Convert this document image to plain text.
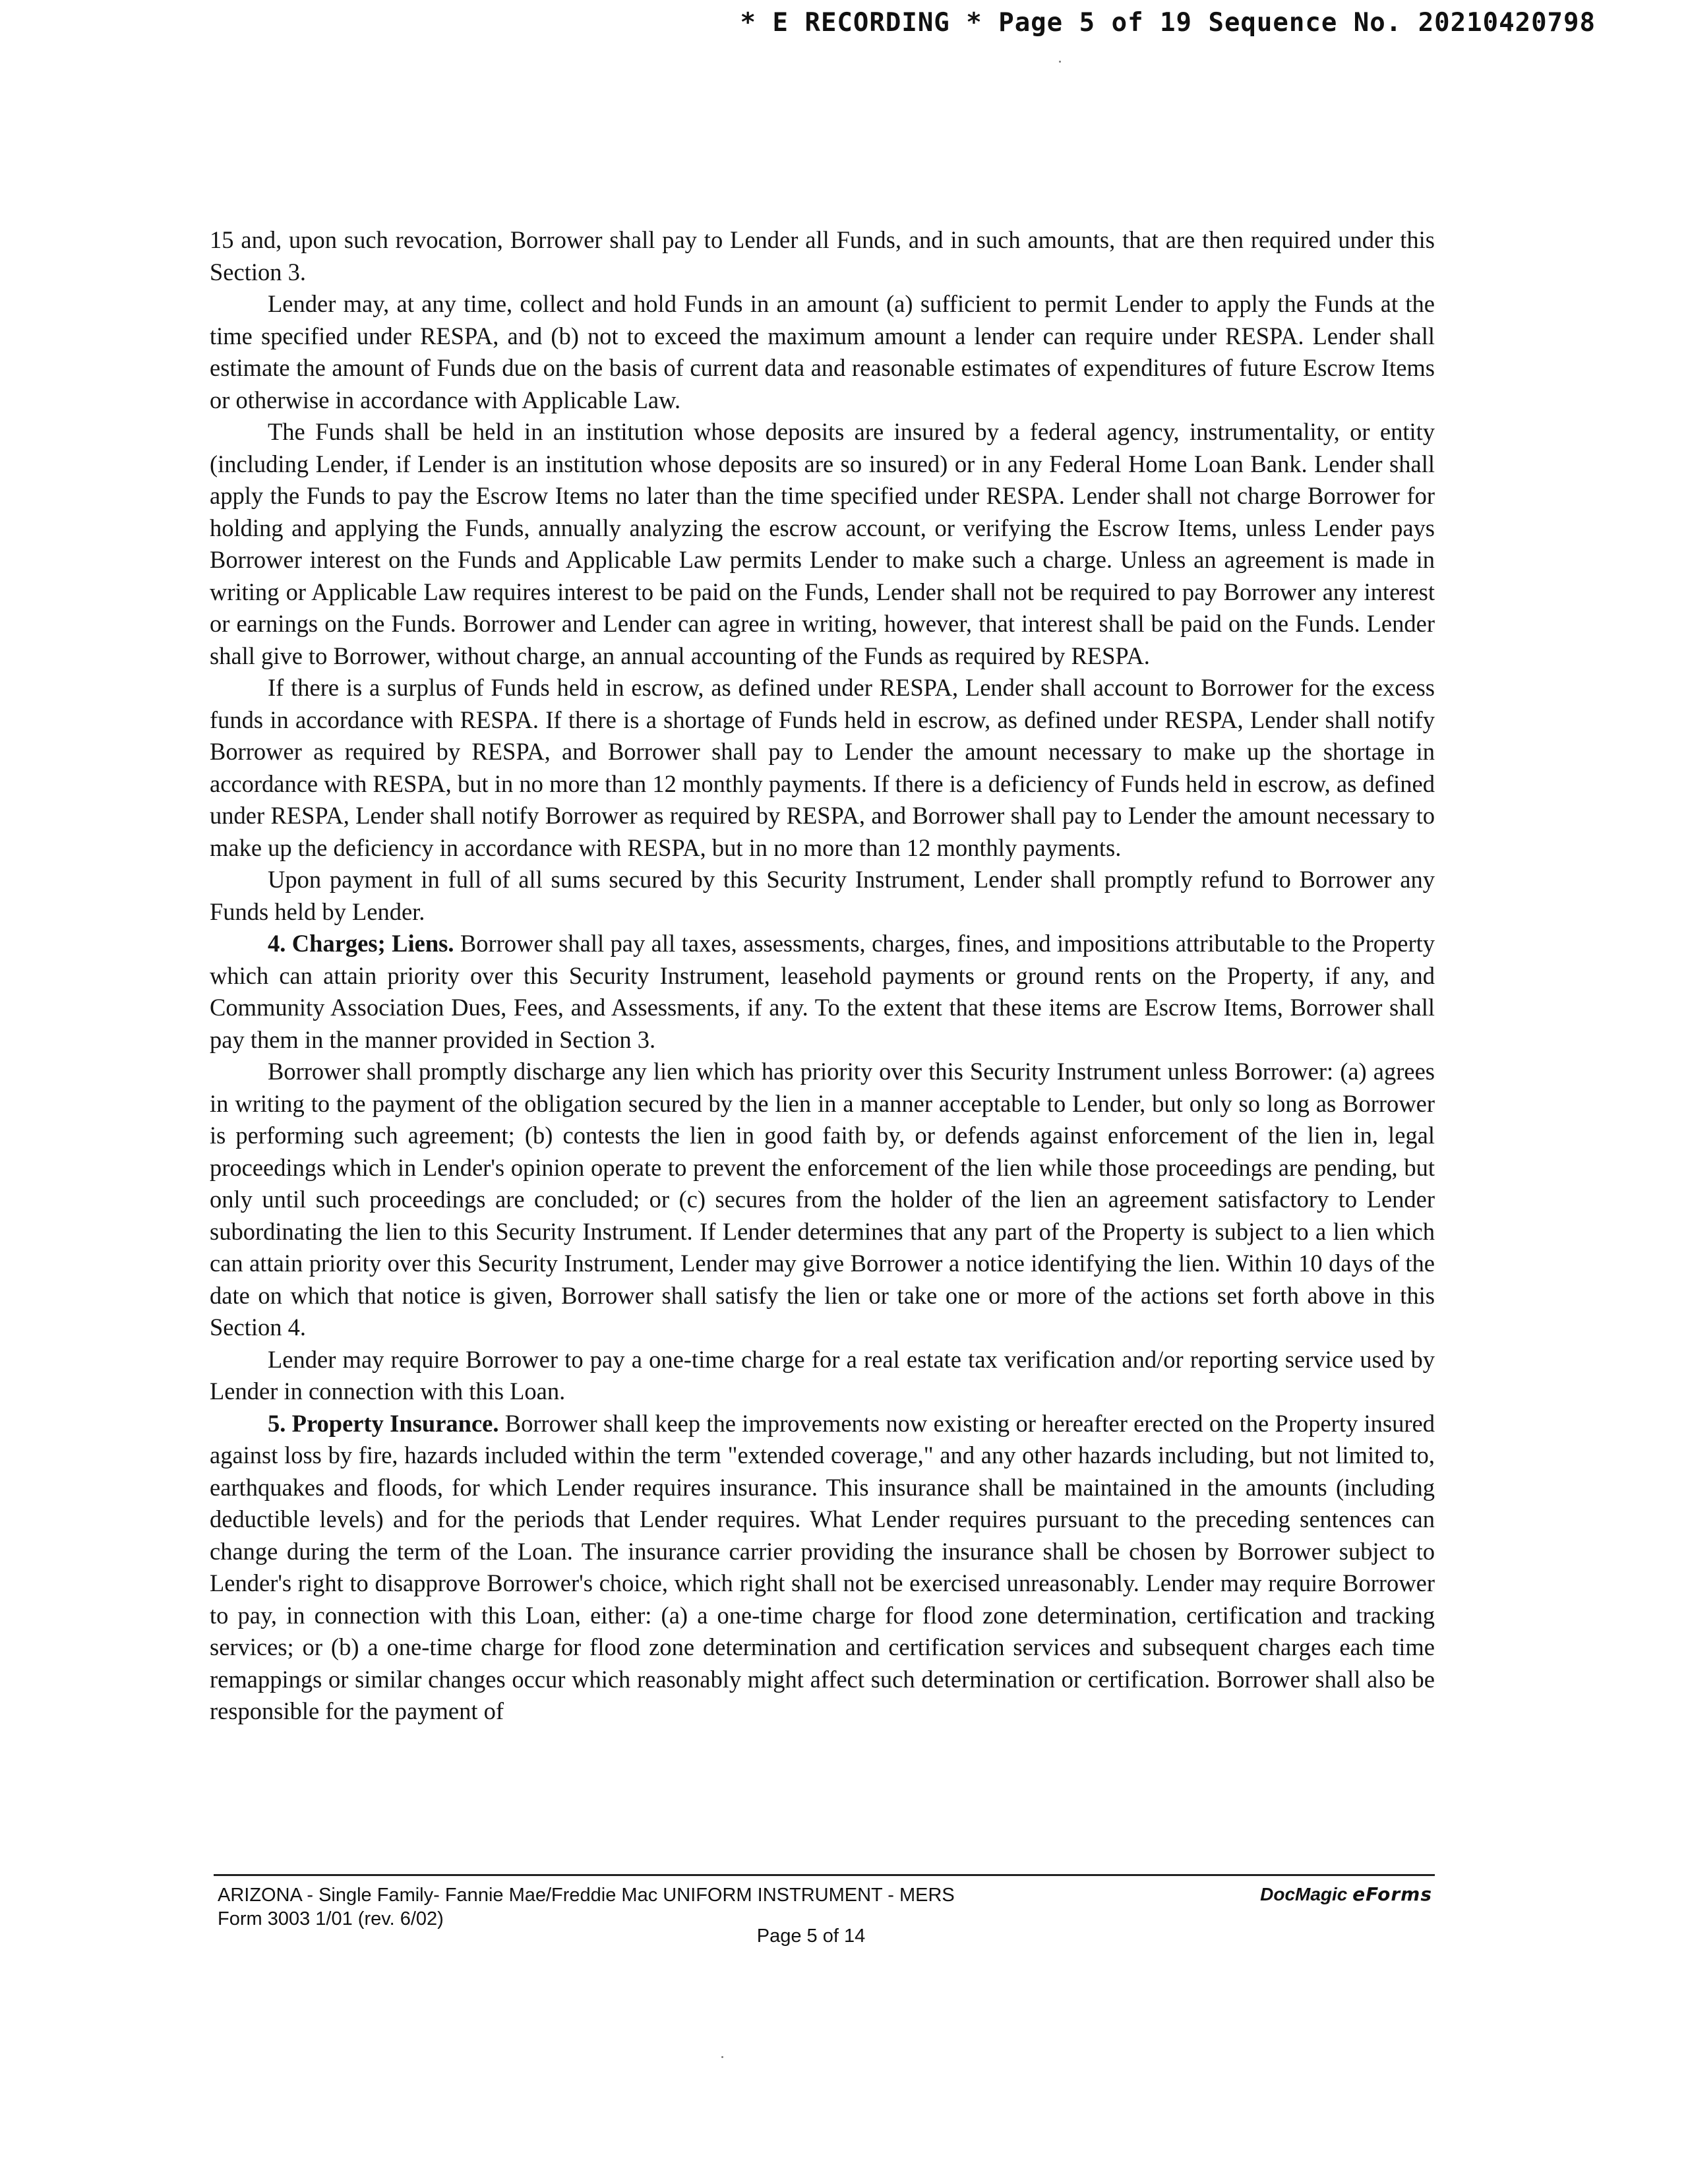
* E RECORDING * Page 5 of 19 Sequence No. 20210420798

15 and, upon such revocation, Borrower shall pay to Lender all Funds, and in such amounts, that are then required under this Section 3.

Lender may, at any time, collect and hold Funds in an amount (a) sufficient to permit Lender to apply the Funds at the time specified under RESPA, and (b) not to exceed the maximum amount a lender can require under RESPA. Lender shall estimate the amount of Funds due on the basis of current data and reasonable estimates of expenditures of future Escrow Items or otherwise in accordance with Applicable Law.

The Funds shall be held in an institution whose deposits are insured by a federal agency, instrumentality, or entity (including Lender, if Lender is an institution whose deposits are so insured) or in any Federal Home Loan Bank. Lender shall apply the Funds to pay the Escrow Items no later than the time specified under RESPA. Lender shall not charge Borrower for holding and applying the Funds, annually analyzing the escrow account, or verifying the Escrow Items, unless Lender pays Borrower interest on the Funds and Applicable Law permits Lender to make such a charge. Unless an agreement is made in writing or Applicable Law requires interest to be paid on the Funds, Lender shall not be required to pay Borrower any interest or earnings on the Funds. Borrower and Lender can agree in writing, however, that interest shall be paid on the Funds. Lender shall give to Borrower, without charge, an annual accounting of the Funds as required by RESPA.

If there is a surplus of Funds held in escrow, as defined under RESPA, Lender shall account to Borrower for the excess funds in accordance with RESPA. If there is a shortage of Funds held in escrow, as defined under RESPA, Lender shall notify Borrower as required by RESPA, and Borrower shall pay to Lender the amount necessary to make up the shortage in accordance with RESPA, but in no more than 12 monthly payments. If there is a deficiency of Funds held in escrow, as defined under RESPA, Lender shall notify Borrower as required by RESPA, and Borrower shall pay to Lender the amount necessary to make up the deficiency in accordance with RESPA, but in no more than 12 monthly payments.

Upon payment in full of all sums secured by this Security Instrument, Lender shall promptly refund to Borrower any Funds held by Lender.

4. Charges; Liens. Borrower shall pay all taxes, assessments, charges, fines, and impositions attributable to the Property which can attain priority over this Security Instrument, leasehold payments or ground rents on the Property, if any, and Community Association Dues, Fees, and Assessments, if any. To the extent that these items are Escrow Items, Borrower shall pay them in the manner provided in Section 3.

Borrower shall promptly discharge any lien which has priority over this Security Instrument unless Borrower: (a) agrees in writing to the payment of the obligation secured by the lien in a manner acceptable to Lender, but only so long as Borrower is performing such agreement; (b) contests the lien in good faith by, or defends against enforcement of the lien in, legal proceedings which in Lender's opinion operate to prevent the enforcement of the lien while those proceedings are pending, but only until such proceedings are concluded; or (c) secures from the holder of the lien an agreement satisfactory to Lender subordinating the lien to this Security Instrument. If Lender determines that any part of the Property is subject to a lien which can attain priority over this Security Instrument, Lender may give Borrower a notice identifying the lien. Within 10 days of the date on which that notice is given, Borrower shall satisfy the lien or take one or more of the actions set forth above in this Section 4.

Lender may require Borrower to pay a one-time charge for a real estate tax verification and/or reporting service used by Lender in connection with this Loan.

5. Property Insurance. Borrower shall keep the improvements now existing or hereafter erected on the Property insured against loss by fire, hazards included within the term "extended coverage," and any other hazards including, but not limited to, earthquakes and floods, for which Lender requires insurance. This insurance shall be maintained in the amounts (including deductible levels) and for the periods that Lender requires. What Lender requires pursuant to the preceding sentences can change during the term of the Loan. The insurance carrier providing the insurance shall be chosen by Borrower subject to Lender's right to disapprove Borrower's choice, which right shall not be exercised unreasonably. Lender may require Borrower to pay, in connection with this Loan, either: (a) a one-time charge for flood zone determination, certification and tracking services; or (b) a one-time charge for flood zone determination and certification services and subsequent charges each time remappings or similar changes occur which reasonably might affect such determination or certification. Borrower shall also be responsible for the payment of

ARIZONA - Single Family- Fannie Mae/Freddie Mac UNIFORM INSTRUMENT - MERS
Form 3003 1/01 (rev. 6/02)
DocMagic eForms
Page 5 of 14
